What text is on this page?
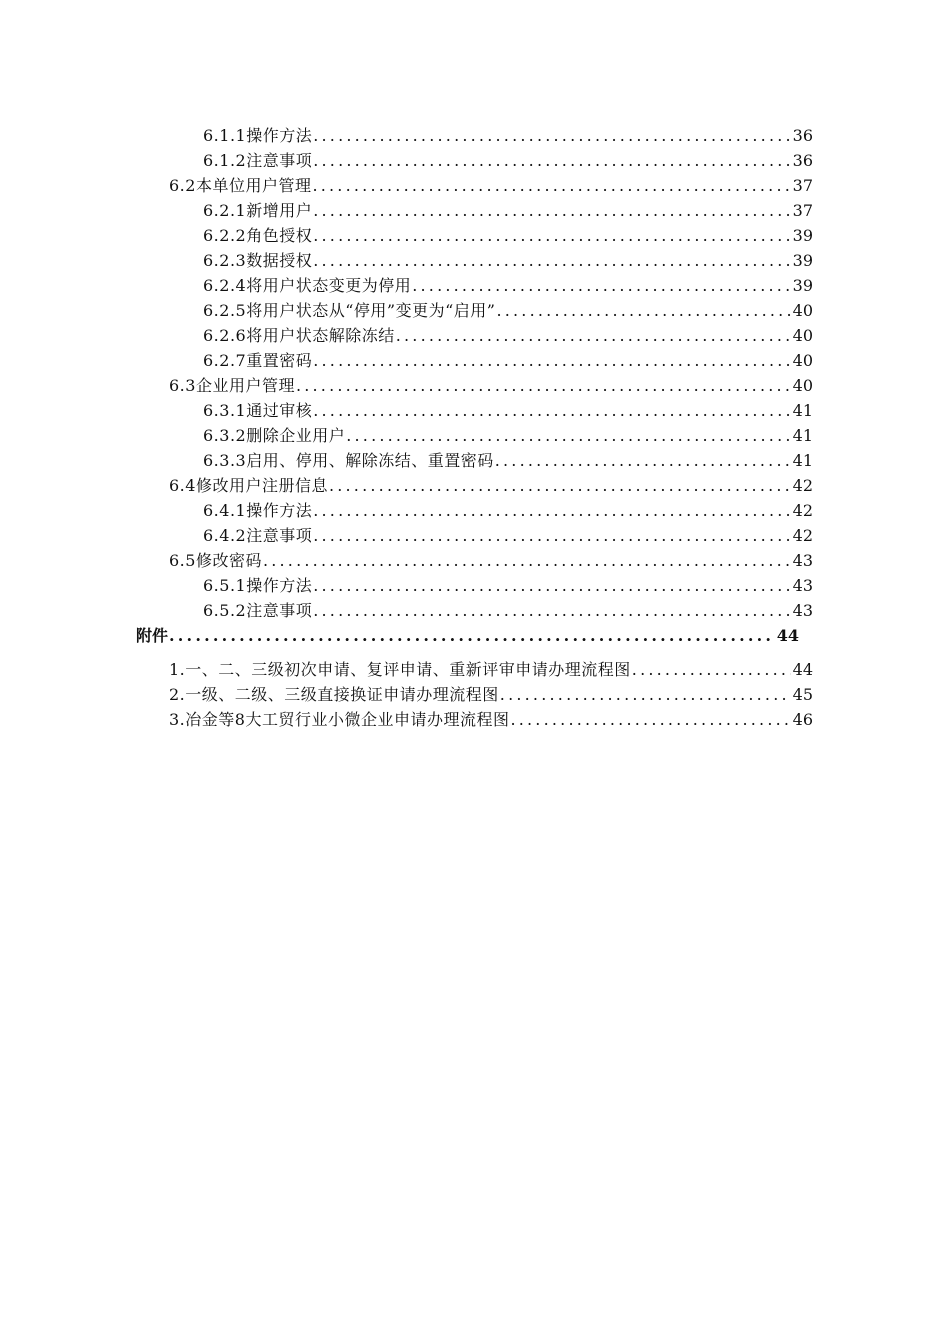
6.1.1操作方法 .....	36
6.1.2注意事项 .....	36
6.2本单位用户管理 .....	37
6.2.1新增用户 .....	37
6.2.2角色授权 .....	39
6.2.3数据授权 .....	39
6.2.4将用户状态变更为停用 .....	39
6.2.5将用户状态从“停用”变更为“启用” .....	40
6.2.6将用户状态解除冻结 .....	40
6.2.7重置密码 .....	40
6.3企业用户管理 .....	40
6.3.1通过审核 .....	41
6.3.2删除企业用户 .....	41
6.3.3启用、停用、解除冻结、重置密码 .....	41
6.4修改用户注册信息 .....	42
6.4.1操作方法 .....	42
6.4.2注意事项 .....	42
6.5修改密码 .....	43
6.5.1操作方法 .....	43
6.5.2注意事项 .....	43
附件 .....	44
1.一、二、三级初次申请、复评申请、重新评审申请办理流程图 .....	44
2.一级、二级、三级直接换证申请办理流程图 .....	45
3.冶金等8大工贸行业小微企业申请办理流程图 .....	46
